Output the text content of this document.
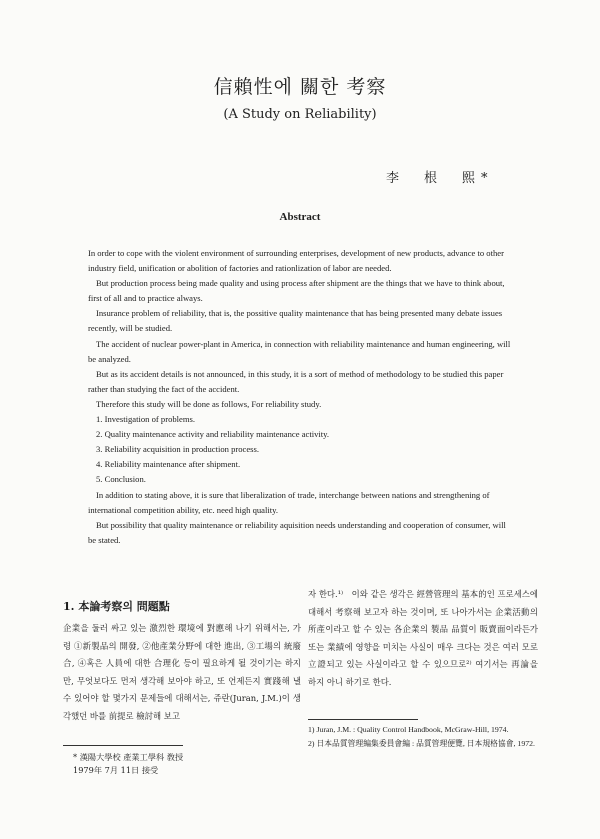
信賴性에 關한 考察
(A Study on Reliability)
李　根　熙*
Abstract

In order to cope with the violent environment of surrounding enterprises, development of new products, advance to other industry field, unification or abolition of factories and rationlization of labor are needed.

But production process being made quality and using process after shipment are the things that we have to think about, first of all and to practice always.

Insurance problem of reliability, that is, the possitive quality maintenance that has being presented many debate issues recently, will be studied.

The accident of nuclear power-plant in America, in connection with reliability maintenance and human engineering, will be analyzed.

But as its accident details is not announced, in this study, it is a sort of method of methodology to be studied this paper rather than studying the fact of the accident.

Therefore this study will be done as follows, For reliability study.

1. Investigation of problems.
2. Quality maintenance activity and reliability maintenance activity.
3. Reliability acquisition in production process.
4. Reliability maintenance after shipment.
5. Conclusion.

In addition to stating above, it is sure that liberalization of trade, interchange between nations and strengthening of international competition ability, etc. need high quality.

But possibility that quality maintenance or reliability aquisition needs understanding and cooperation of consumer, will be stated.

1. 本論考察의 問題點

企業을 둘러 싸고 있는 激烈한 環境에 對應해 나기 위해서는, 가령 ①新製品의 開發, ②他產業分野에 대한 進出, ③工場의 統廢合, ④혹은 人員에 대한 合理化 등이 필요하게 될 것이기는 하지만, 무엇보다도 먼저 생각해 보아야 하고, 또 언제든지 實踐해 낼 수 있어야 할 몇가지 문제들에 대해서는, 쥬란(Juran, J.M.)이 생각했던 바를 前提로 檢討해 보고

* 漢陽大學校 產業工學科 敎授
1979年 7月 11日 接受

자 한다.¹⁾　이와 같은 생각은 經營管理의 基本的인 프로세스에 대해서 考察해 보고자 하는 것이며, 또 나아가서는 企業活動의 所產이라고 할 수 있는 各企業의 製品 品質이 販賣面이라든가 또는 業績에 영향을 미치는 사실이 매우 크다는 것은 여러 모로 立證되고 있는 사실이라고 할 수 있으므로²⁾ 여기서는 再論을 하지 아니 하기로 한다.

1) Juran, J.M. : Quality Control Handbook, McGraw-Hill, 1974.
2) 日本品質管理編集委員會編 : 品質管理便覽, 日本規格協會, 1972.
